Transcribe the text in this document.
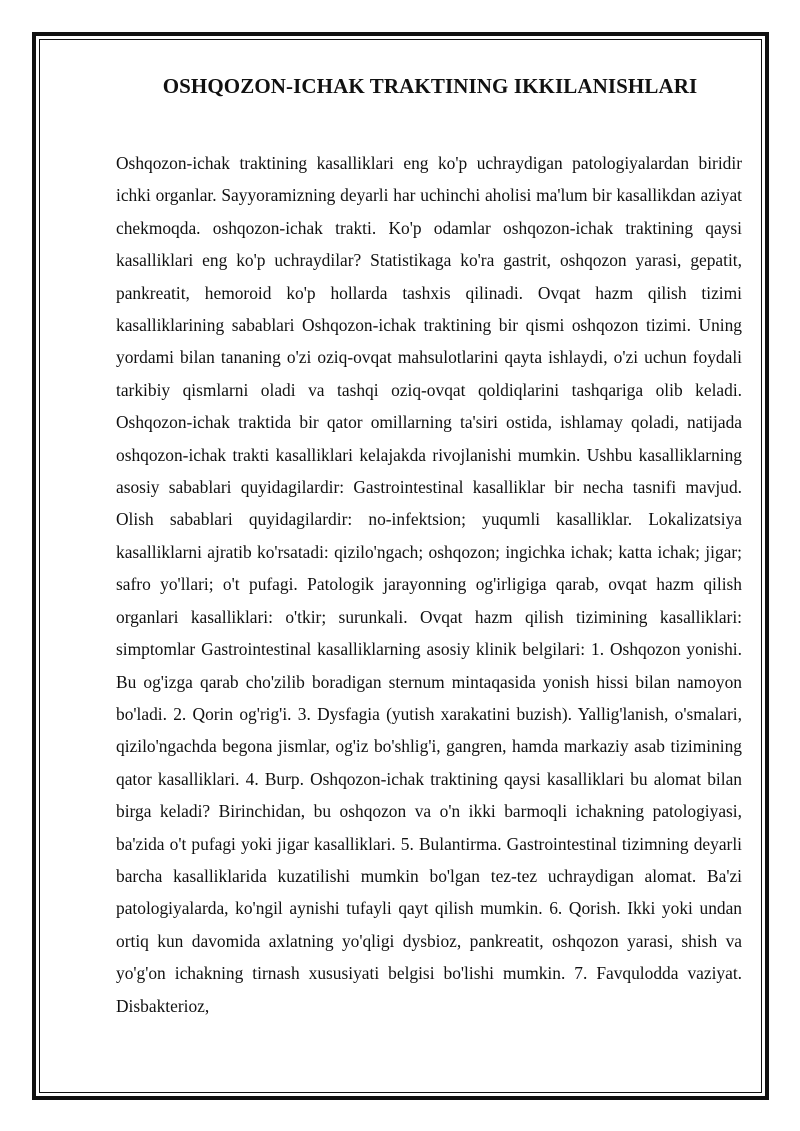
OSHQOZON-ICHAK TRAKTINING IKKILANISHLARI

Oshqozon-ichak traktining kasalliklari eng ko'p uchraydigan patologiyalardan biridir ichki organlar. Sayyoramizning deyarli har uchinchi aholisi ma'lum bir kasallikdan aziyat chekmoqda. oshqozon-ichak trakti. Ko'p odamlar oshqozon-ichak traktining qaysi kasalliklari eng ko'p uchraydilar? Statistikaga ko'ra gastrit, oshqozon yarasi, gepatit, pankreatit, hemoroid ko'p hollarda tashxis qilinadi. Ovqat hazm qilish tizimi kasalliklarining sabablari Oshqozon-ichak traktining bir qismi oshqozon tizimi. Uning yordami bilan tananing o'zi oziq-ovqat mahsulotlarini qayta ishlaydi, o'zi uchun foydali tarkibiy qismlarni oladi va tashqi oziq-ovqat qoldiqlarini tashqariga olib keladi. Oshqozon-ichak traktida bir qator omillarning ta'siri ostida, ishlamay qoladi, natijada oshqozon-ichak trakti kasalliklari kelajakda rivojlanishi mumkin. Ushbu kasalliklarning asosiy sabablari quyidagilardir: Gastrointestinal kasalliklar bir necha tasnifi mavjud. Olish sabablari quyidagilardir: no-infektsion; yuqumli kasalliklar. Lokalizatsiya kasalliklarni ajratib ko'rsatadi: qizilo'ngach; oshqozon; ingichka ichak; katta ichak; jigar; safro yo'llari; o't pufagi. Patologik jarayonning og'irligiga qarab, ovqat hazm qilish organlari kasalliklari: o'tkir; surunkali. Ovqat hazm qilish tizimining kasalliklari: simptomlar Gastrointestinal kasalliklarning asosiy klinik belgilari: 1. Oshqozon yonishi. Bu og'izga qarab cho'zilib boradigan sternum mintaqasida yonish hissi bilan namoyon bo'ladi. 2. Qorin og'rig'i. 3. Dysfagia (yutish xarakatini buzish). Yallig'lanish, o'smalari, qizilo'ngachda begona jismlar, og'iz bo'shlig'i, gangren, hamda markaziy asab tizimining qator kasalliklari. 4. Burp. Oshqozon-ichak traktining qaysi kasalliklari bu alomat bilan birga keladi? Birinchidan, bu oshqozon va o'n ikki barmoqli ichakning patologiyasi, ba'zida o't pufagi yoki jigar kasalliklari. 5. Bulantirma. Gastrointestinal tizimning deyarli barcha kasalliklarida kuzatilishi mumkin bo'lgan tez-tez uchraydigan alomat. Ba'zi patologiyalarda, ko'ngil aynishi tufayli qayt qilish mumkin. 6. Qorish. Ikki yoki undan ortiq kun davomida axlatning yo'qligi dysbioz, pankreatit, oshqozon yarasi, shish va yo'g'on ichakning tirnash xususiyati belgisi bo'lishi mumkin. 7. Favqulodda vaziyat. Disbakterioz,
